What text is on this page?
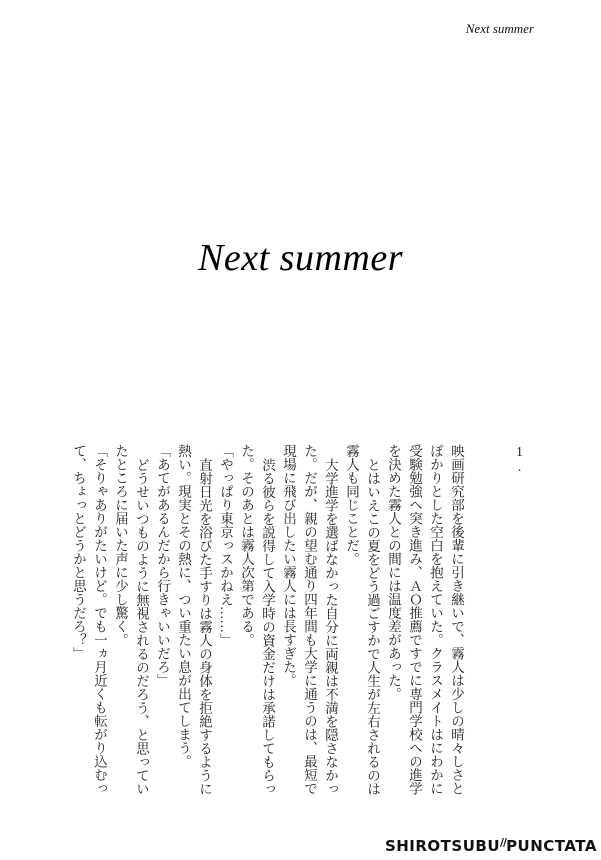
Next summer
Next summer

1.

映画研究部を後輩に引き継いで、霧人は少しの晴々しさとぽかりとした空白を抱えていた。クラスメイトはにわかに受験勉強へ突き進み、ＡＯ推薦ですでに専門学校への進学を決めた霧人との間には温度差があった。

とはいえこの夏をどう過ごすかで人生が左右されるのは霧人も同じことだ。

大学進学を選ばなかった自分に両親は不満を隠さなかった。だが、親の望む通り四年間も大学に通うのは、最短で現場に飛び出したい霧人には長すぎた。

渋る彼らを説得して入学時の資金だけは承諾してもらった。そのあとは霧人次第である。

「やっぱり東京っスかねえ……」

直射日光を浴びた手すりは霧人の身体を拒絶するように熱い。現実とその熱に、つい重たい息が出てしまう。

「あてがあるんだから行きゃいいだろ」

どうせいつものように無視されるのだろう、と思っていたところに届いた声に少し驚く。

「そりゃありがたいけど。でも一ヵ月近くも転がり込むって、ちょっとどうかと思うだろ？」

SHIROTSUBU//PUNCTATA
